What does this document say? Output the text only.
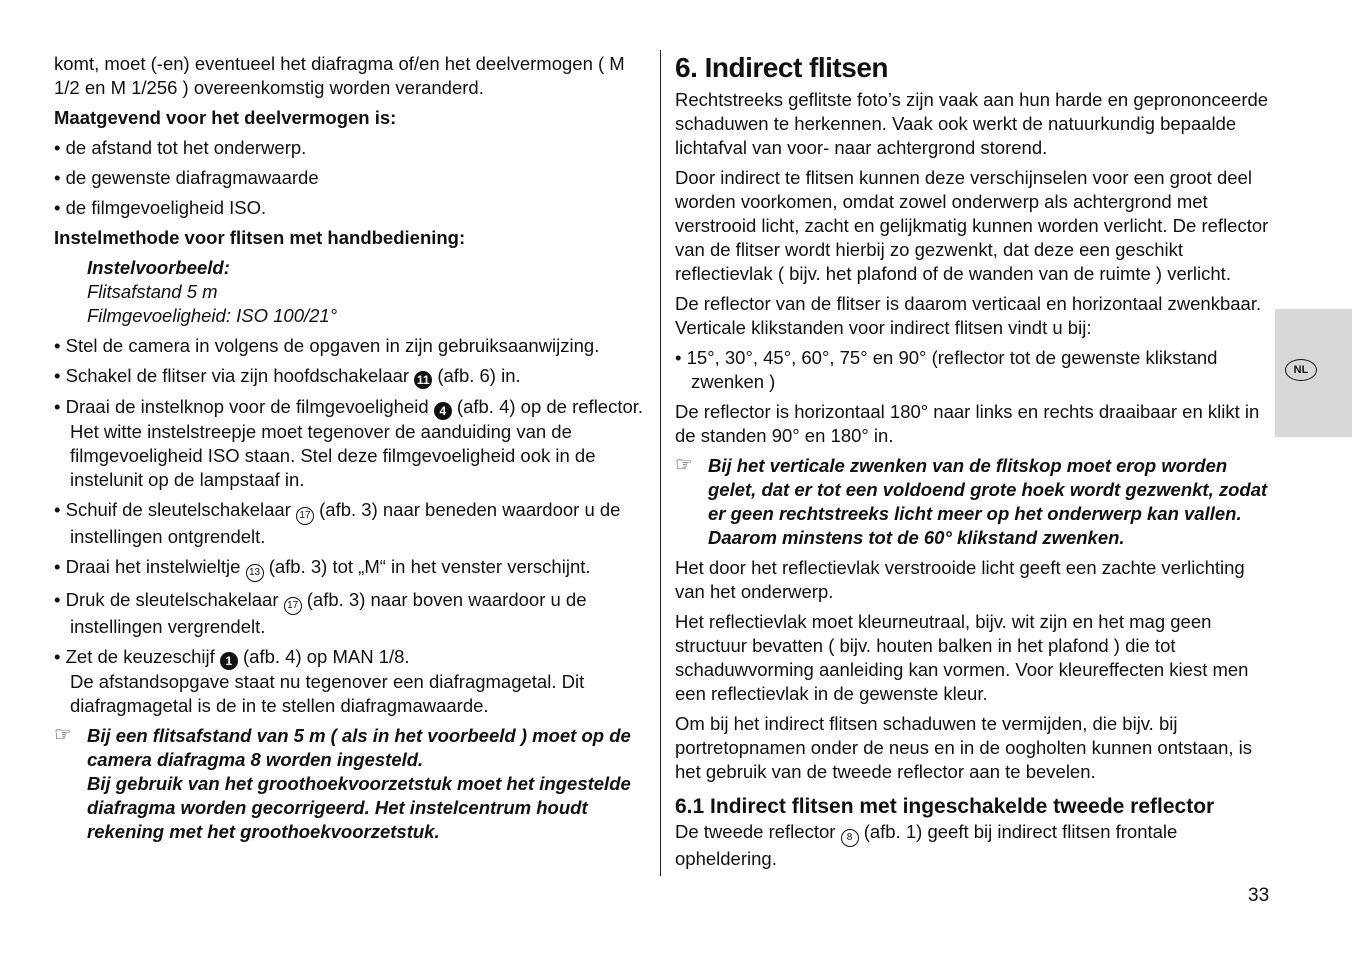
komt, moet (-en) eventueel het diafragma of/en het deelvermogen ( M 1/2 en M 1/256 ) overeenkomstig worden veranderd.

Maatgevend voor het deelvermogen is:

• de afstand tot het onderwerp.

• de gewenste diafragmawaarde

• de filmgevoeligheid ISO.

Instelmethode voor flitsen met handbediening:

Instelvoorbeeld:

Flitsafstand 5 m

Filmgevoeligheid: ISO 100/21°

• Stel de camera in volgens de opgaven in zijn gebruiksaanwijzing.

• Schakel de flitser via zijn hoofdschakelaar 11 (afb. 6) in.

• Draai de instelknop voor de filmgevoeligheid 4 (afb. 4) op de reflector. Het witte instelstreepje moet tegenover de aanduiding van de filmgevoeligheid ISO staan. Stel deze filmgevoeligheid ook in de instelunit op de lampstaaf in.

• Schuif de sleutelschakelaar 17 (afb. 3) naar beneden waardoor u de instellingen ontgrendelt.

• Draai het instelwieltje 13 (afb. 3) tot „M“ in het venster verschijnt.

• Druk de sleutelschakelaar 17 (afb. 3) naar boven waardoor u de instellingen vergrendelt.

• Zet de keuzeschijf 1 (afb. 4) op MAN 1/8.

De afstandsopgave staat nu tegenover een diafragmagetal. Dit diafragmagetal is de in te stellen diafragmawaarde.

☞ Bij een flitsafstand van 5 m ( als in het voorbeeld ) moet op de camera diafragma 8 worden ingesteld.

Bij gebruik van het groothoekvoorzetstuk moet het ingestelde diafragma worden gecorrigeerd. Het instelcentrum houdt rekening met het groothoekvoorzetstuk.

6. Indirect flitsen

Rechtstreeks geflitste foto’s zijn vaak aan hun harde en geprononceerde schaduwen te herkennen. Vaak ook werkt de natuurkundig bepaalde lichtafval van voor- naar achtergrond storend.

Door indirect te flitsen kunnen deze verschijnselen voor een groot deel worden voorkomen, omdat zowel onderwerp als achtergrond met verstrooid licht, zacht en gelijkmatig kunnen worden verlicht. De reflector van de flitser wordt hierbij zo gezwenkt, dat deze een geschikt reflectievlak ( bijv. het plafond of de wanden van de ruimte ) verlicht.

De reflector van de flitser is daarom verticaal en horizontaal zwenkbaar. Verticale klikstanden voor indirect flitsen vindt u bij:

• 15°, 30°, 45°, 60°, 75° en 90° (reflector tot de gewenste klikstand zwenken )

De reflector is horizontaal 180° naar links en rechts draaibaar en klikt in de standen 90° en 180° in.

☞ Bij het verticale zwenken van de flitskop moet erop worden gelet, dat er tot een voldoend grote hoek wordt gezwenkt, zodat er geen rechtstreeks licht meer op het onderwerp kan vallen. Daarom minstens tot de 60° klikstand zwenken.

Het door het reflectievlak verstrooide licht geeft een zachte verlichting van het onderwerp.

Het reflectievlak moet kleurneutraal, bijv. wit zijn en het mag geen structuur bevatten ( bijv. houten balken in het plafond ) die tot schaduwvorming aanleiding kan vormen. Voor kleureffecten kiest men een reflectievlak in de gewenste kleur.

Om bij het indirect flitsen schaduwen te vermijden, die bijv. bij portretopnamen onder de neus en in de oogholten kunnen ontstaan, is het gebruik van de tweede reflector aan te bevelen.

6.1 Indirect flitsen met ingeschakelde tweede reflector

De tweede reflector 8 (afb. 1) geeft bij indirect flitsen frontale opheldering.

NL
33
